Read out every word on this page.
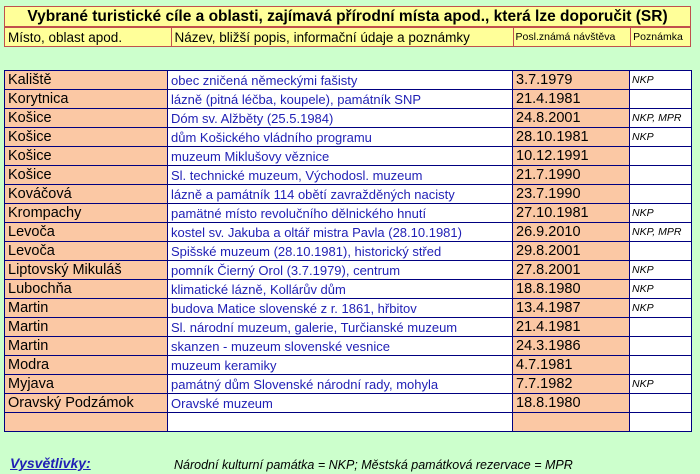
Vybrané turistické cíle a oblasti, zajímavá přírodní místa apod., která lze doporučit (SR)
Místo, oblast apod.	Název, bližší popis, informační údaje a poznámky	Posl.známá návštěva	Poznámka
Kaliště	obec zničená německými fašisty	3.7.1979	NKP
Korytnica	lázně (pitná léčba, koupele), památník SNP	21.4.1981	
Košice	Dóm sv. Alžběty (25.5.1984)	24.8.2001	NKP, MPR
Košice	dům Košického vládního programu	28.10.1981	NKP
Košice	muzeum Miklušovy věznice	10.12.1991	
Košice	Sl. technické muzeum, Východosl. muzeum	21.7.1990	
Kováčová	lázně a památník 114 obětí zavražděných nacisty	23.7.1990	
Krompachy	pamätné místo revolučního dělnického hnutí	27.10.1981	NKP
Levoča	kostel sv. Jakuba a oltář mistra Pavla (28.10.1981)	26.9.2010	NKP, MPR
Levoča	Spišské muzeum (28.10.1981), historický střed	29.8.2001	
Liptovský Mikuláš	pomník Čierný Orol (3.7.1979), centrum	27.8.2001	NKP
Lubochňa	klimatické lázně, Kollárův dům	18.8.1980	NKP
Martin	budova Matice slovenské z r. 1861, hřbitov	13.4.1987	NKP
Martin	Sl. národní muzeum, galerie, Turčianské muzeum	21.4.1981	
Martin	skanzen - muzeum slovenské vesnice	24.3.1986	
Modra	muzeum keramiky	4.7.1981	
Myjava	památný dům Slovenské národní rady, mohyla	7.7.1982	NKP
Oravský Podzámok	Oravské muzeum	18.8.1980	

Vysvětlivky:	Národní kulturní památka = NKP; Městská památková rezervace = MPR
